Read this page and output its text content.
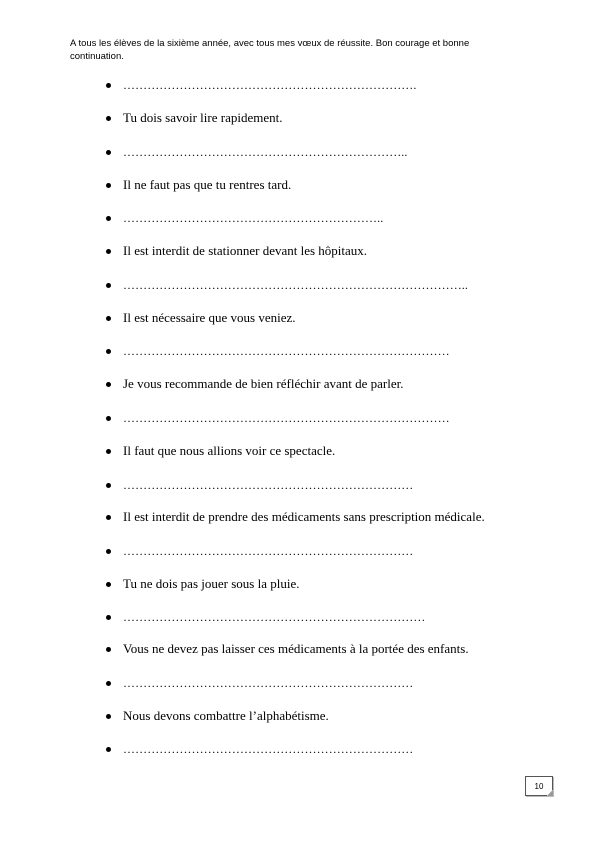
A tous les élèves de la sixième année, avec tous mes vœux de réussite. Bon courage et bonne continuation.

……………………………………………………………….
Tu dois savoir lire rapidement.
……………………………………………………………..
Il ne faut pas que tu rentres tard.
………………………………………………………..
Il est interdit de stationner devant les hôpitaux.
…………………………………………………………………………..
Il est nécessaire que vous veniez.
………………………………………………………………………
Je vous recommande de bien réfléchir avant de parler.
………………………………………………………………………
Il faut que nous allions voir ce spectacle.
………………………………………………………………
Il est interdit de prendre des médicaments sans prescription médicale.
………………………………………………………………
Tu ne dois pas jouer sous la pluie.
…………………………………………………………………
Vous ne devez pas laisser ces médicaments à la portée des enfants.
………………………………………………………………
Nous devons combattre l’alphabétisme.
………………………………………………………………
10
